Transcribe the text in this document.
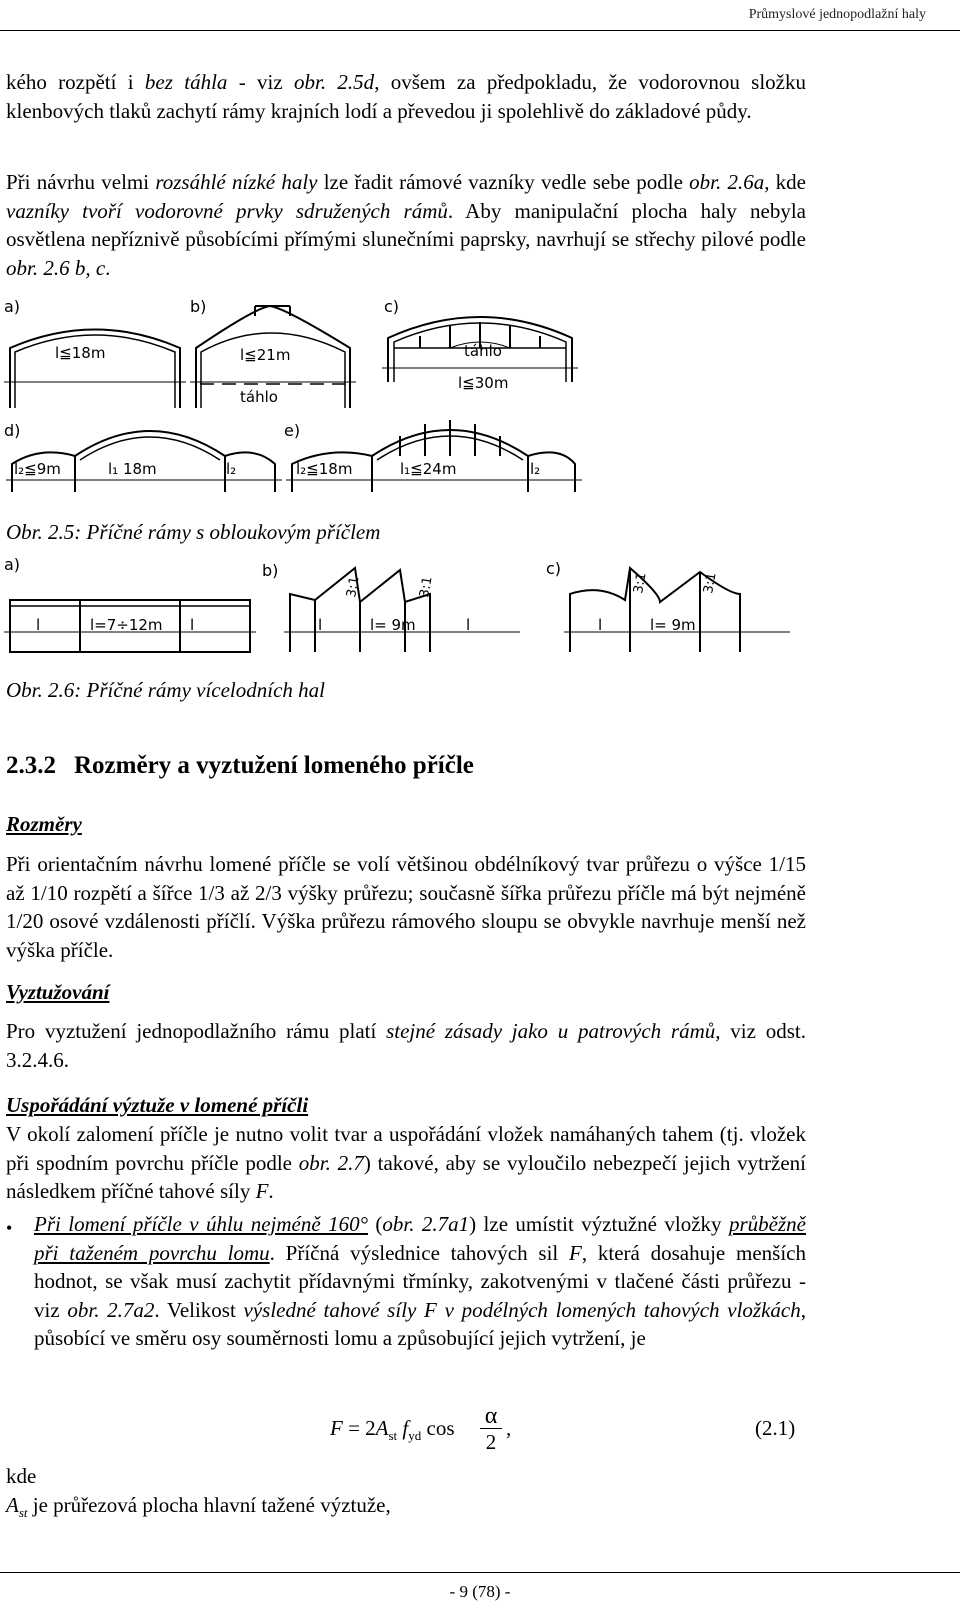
Průmyslové jednopodlažní haly

kého rozpětí i bez táhla - viz obr. 2.5d, ovšem za předpokladu, že vodorovnou složku klenbových tlaků zachytí rámy krajních lodí a převedou ji spolehlivě do základové půdy.

Při návrhu velmi rozsáhlé nízké haly lze řadit rámové vazníky vedle sebe podle obr. 2.6a, kde vazníky tvoří vodorovné prvky sdružených rámů. Aby manipulační plocha haly nebyla osvětlena nepříznivě působícími přímými slunečními paprsky, navrhují se střechy pilové podle obr. 2.6 b, c.

a)	b)	c)
d)	e)
l≦18m	l≦21m
táhlo
táhlo
l≦30m
l₂≦9m	l₁ 18m	l₂	l₂≦18m	l₁≦24m	l₂
Obr. 2.5: Příčné rámy s obloukovým příčlem
a)	b)	c)
l	l=7÷12m l	l	l= 9m	l	l	l= 9m
3:1	3:1	3:1	3:1
Obr. 2.6: Příčné rámy vícelodních hal
2.3.2 Rozměry a vyztužení lomeného příčle
Rozměry

Při orientačním návrhu lomené příčle se volí většinou obdélníkový tvar průřezu o výšce 1/15 až 1/10 rozpětí a šířce 1/3 až 2/3 výšky průřezu; současně šířka průřezu příčle má být nejméně 1/20 osové vzdálenosti příčlí. Výška průřezu rámového sloupu se obvykle navrhuje menší než výška příčle.

Vyztužování

Pro vyztužení jednopodlažního rámu platí stejné zásady jako u patrových rámů, viz odst. 3.2.4.6.

Uspořádání výztuže v lomené příčli

V okolí zalomení příčle je nutno volit tvar a uspořádání vložek namáhaných tahem (tj. vložek při spodním povrchu příčle podle obr. 2.7) takové, aby se vyloučilo nebezpečí jejich vytržení následkem příčné tahové síly F.

• Při lomení příčle v úhlu nejméně 160° (obr. 2.7a1) lze umístit výztužné vložky průběžně při taženém povrchu lomu. Příčná výslednice tahových sil F, která dosahuje menších hodnot, se však musí zachytit přídavnými třmínky, zakotvenými v tlačené části průřezu - viz obr. 2.7a2. Velikost výsledné tahové síly F v podélných lomených tahových vložkách, působící ve směru osy souměrnosti lomu a způsobující jejich vytržení, je

$F = 2A_{st}$ $f_{yd}$ cos α
2
,	(2.1)

kde

$A_{st}$ je průřezová plocha hlavní tažené výztuže,

- 9 (78) -
